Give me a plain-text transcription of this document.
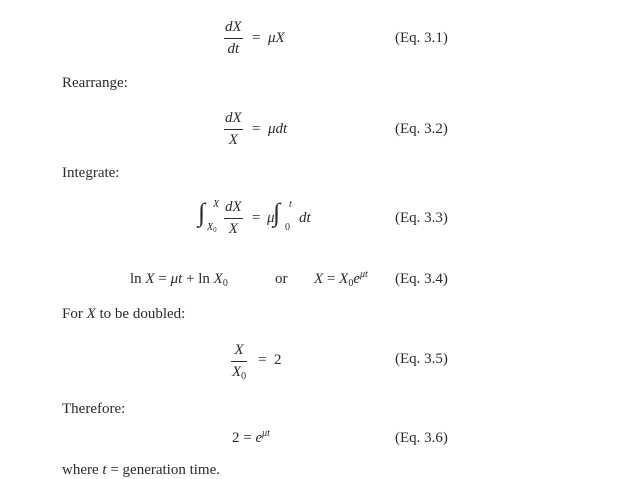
dX
dt
= μX	(Eq. 3.1)
Rearrange:
dX
X
= μdt	(Eq. 3.2)
Integrate:
∫ X
$X_0$
dX
X
= μ
∫ t
0
dt	(Eq. 3.3)
$\ln X = \mu t + \ln X_0$	or $X = X_0e^{\mu t}$ (Eq. 3.4)
For X to be doubled:
X
$X_0$
= 2	(Eq. 3.5)
Therefore:
$2 = e^{\mu t}$	(Eq. 3.6)
where t = generation time.
